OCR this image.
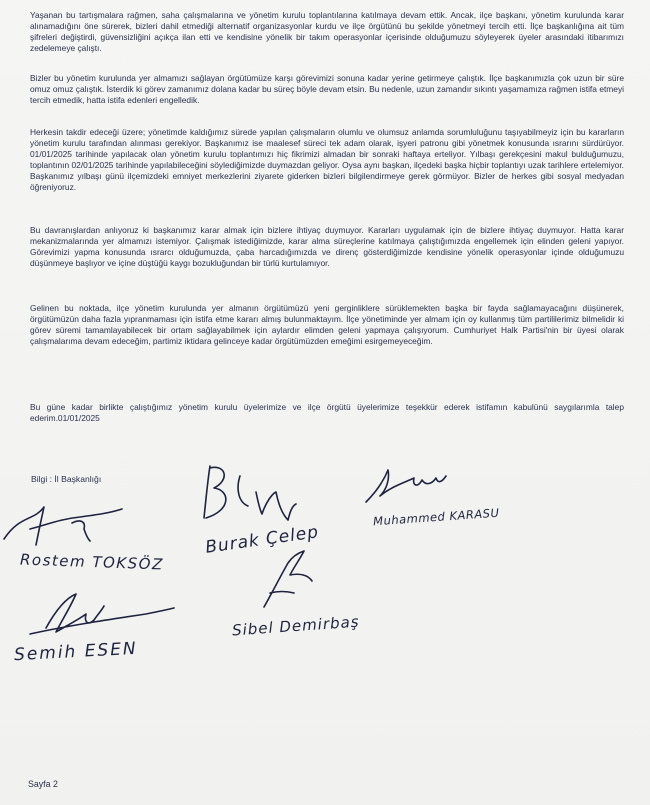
Yaşanan bu tartışmalara rağmen, saha çalışmalarına ve yönetim kurulu toplantılarına katılmaya devam ettik. Ancak, ilçe başkanı, yönetim kurulunda karar alınamadığını öne sürerek, bizleri dahil etmediği alternatif organizasyonlar kurdu ve ilçe örgütünü bu şekilde yönetmeyi tercih etti. İlçe başkanlığına ait tüm şifreleri değiştirdi, güvensizliğini açıkça ilan etti ve kendisine yönelik bir takım operasyonlar içerisinde olduğumuzu söyleyerek üyeler arasındaki itibarımızı zedelemeye çalıştı.

Bizler bu yönetim kurulunda yer almamızı sağlayan örgütümüze karşı görevimizi sonuna kadar yerine getirmeye çalıştık. İlçe başkanımızla çok uzun bir süre omuz omuz çalıştık. İsterdik ki görev zamanımız dolana kadar bu süreç böyle devam etsin. Bu nedenle, uzun zamandır sıkıntı yaşamamıza rağmen istifa etmeyi tercih etmedik, hatta istifa edenleri engelledik.

Herkesin takdir edeceği üzere; yönetimde kaldığımız sürede yapılan çalışmaların olumlu ve olumsuz anlamda sorumluluğunu taşıyabilmeyiz için bu kararların yönetim kurulu tarafından alınması gerekiyor. Başkanımız ise maalesef süreci tek adam olarak, işyeri patronu gibi yönetmek konusunda ısrarını sürdürüyor. 01/01/2025 tarihinde yapılacak olan yönetim kurulu toplantımızı hiç fikrimizi almadan bir sonraki haftaya erteliyor. Yılbaşı gerekçesini makul bulduğumuzu, toplantının 02/01/2025 tarihinde yapılabileceğini söylediğimizde duymazdan geliyor. Oysa aynı başkan, ilçedeki başka hiçbir toplantıyı uzak tarihlere ertelemiyor. Başkanımız yılbaşı günü ilçemizdeki emniyet merkezlerini ziyarete giderken bizleri bilgilendirmeye gerek görmüyor. Bizler de herkes gibi sosyal medyadan öğreniyoruz.

Bu davranışlardan anlıyoruz ki başkanımız karar almak için bizlere ihtiyaç duymuyor. Kararları uygulamak için de bizlere ihtiyaç duymuyor. Hatta karar mekanizmalarında yer almamızı istemiyor. Çalışmak istediğimizde, karar alma süreçlerine katılmaya çalıştığımızda engellemek için elinden geleni yapıyor. Görevimizi yapma konusunda ısrarcı olduğumuzda, çaba harcadığımızda ve direnç gösterdiğimizde kendisine yönelik operasyonlar içinde olduğumuzu düşünmeye başlıyor ve içine düştüğü kaygı bozukluğundan bir türlü kurtulamıyor.

Gelinen bu noktada, ilçe yönetim kurulunda yer almanın örgütümüzü yeni gerginliklere sürüklemekten başka bir fayda sağlamayacağını düşünerek, örgütümüzün daha fazla yıpranmaması için istifa etme kararı almış bulunmaktayım. İlçe yönetiminde yer almam için oy kullanmış tüm partililerimiz bilmelidir ki görev süremi tamamlayabilecek bir ortam sağlayabilmek için aylardır elimden geleni yapmaya çalışıyorum. Cumhuriyet Halk Partisi'nin bir üyesi olarak çalışmalarıma devam edeceğim, partimiz iktidara gelinceye kadar örgütümüzden emeğimi esirgemeyeceğim.

Bu güne kadar birlikte çalıştığımız yönetim kurulu üyelerimize ve ilçe örgütü üyelerimize teşekkür ederek istifamın kabulünü saygılarımla talep ederim.01/01/2025

Bilgi : İl Başkanlığı
Rostem TOKSÖZ
Burak Çelep
Muhammed KARASU
Semih ESEN
Sibel Demirbaş
Sayfa 2
